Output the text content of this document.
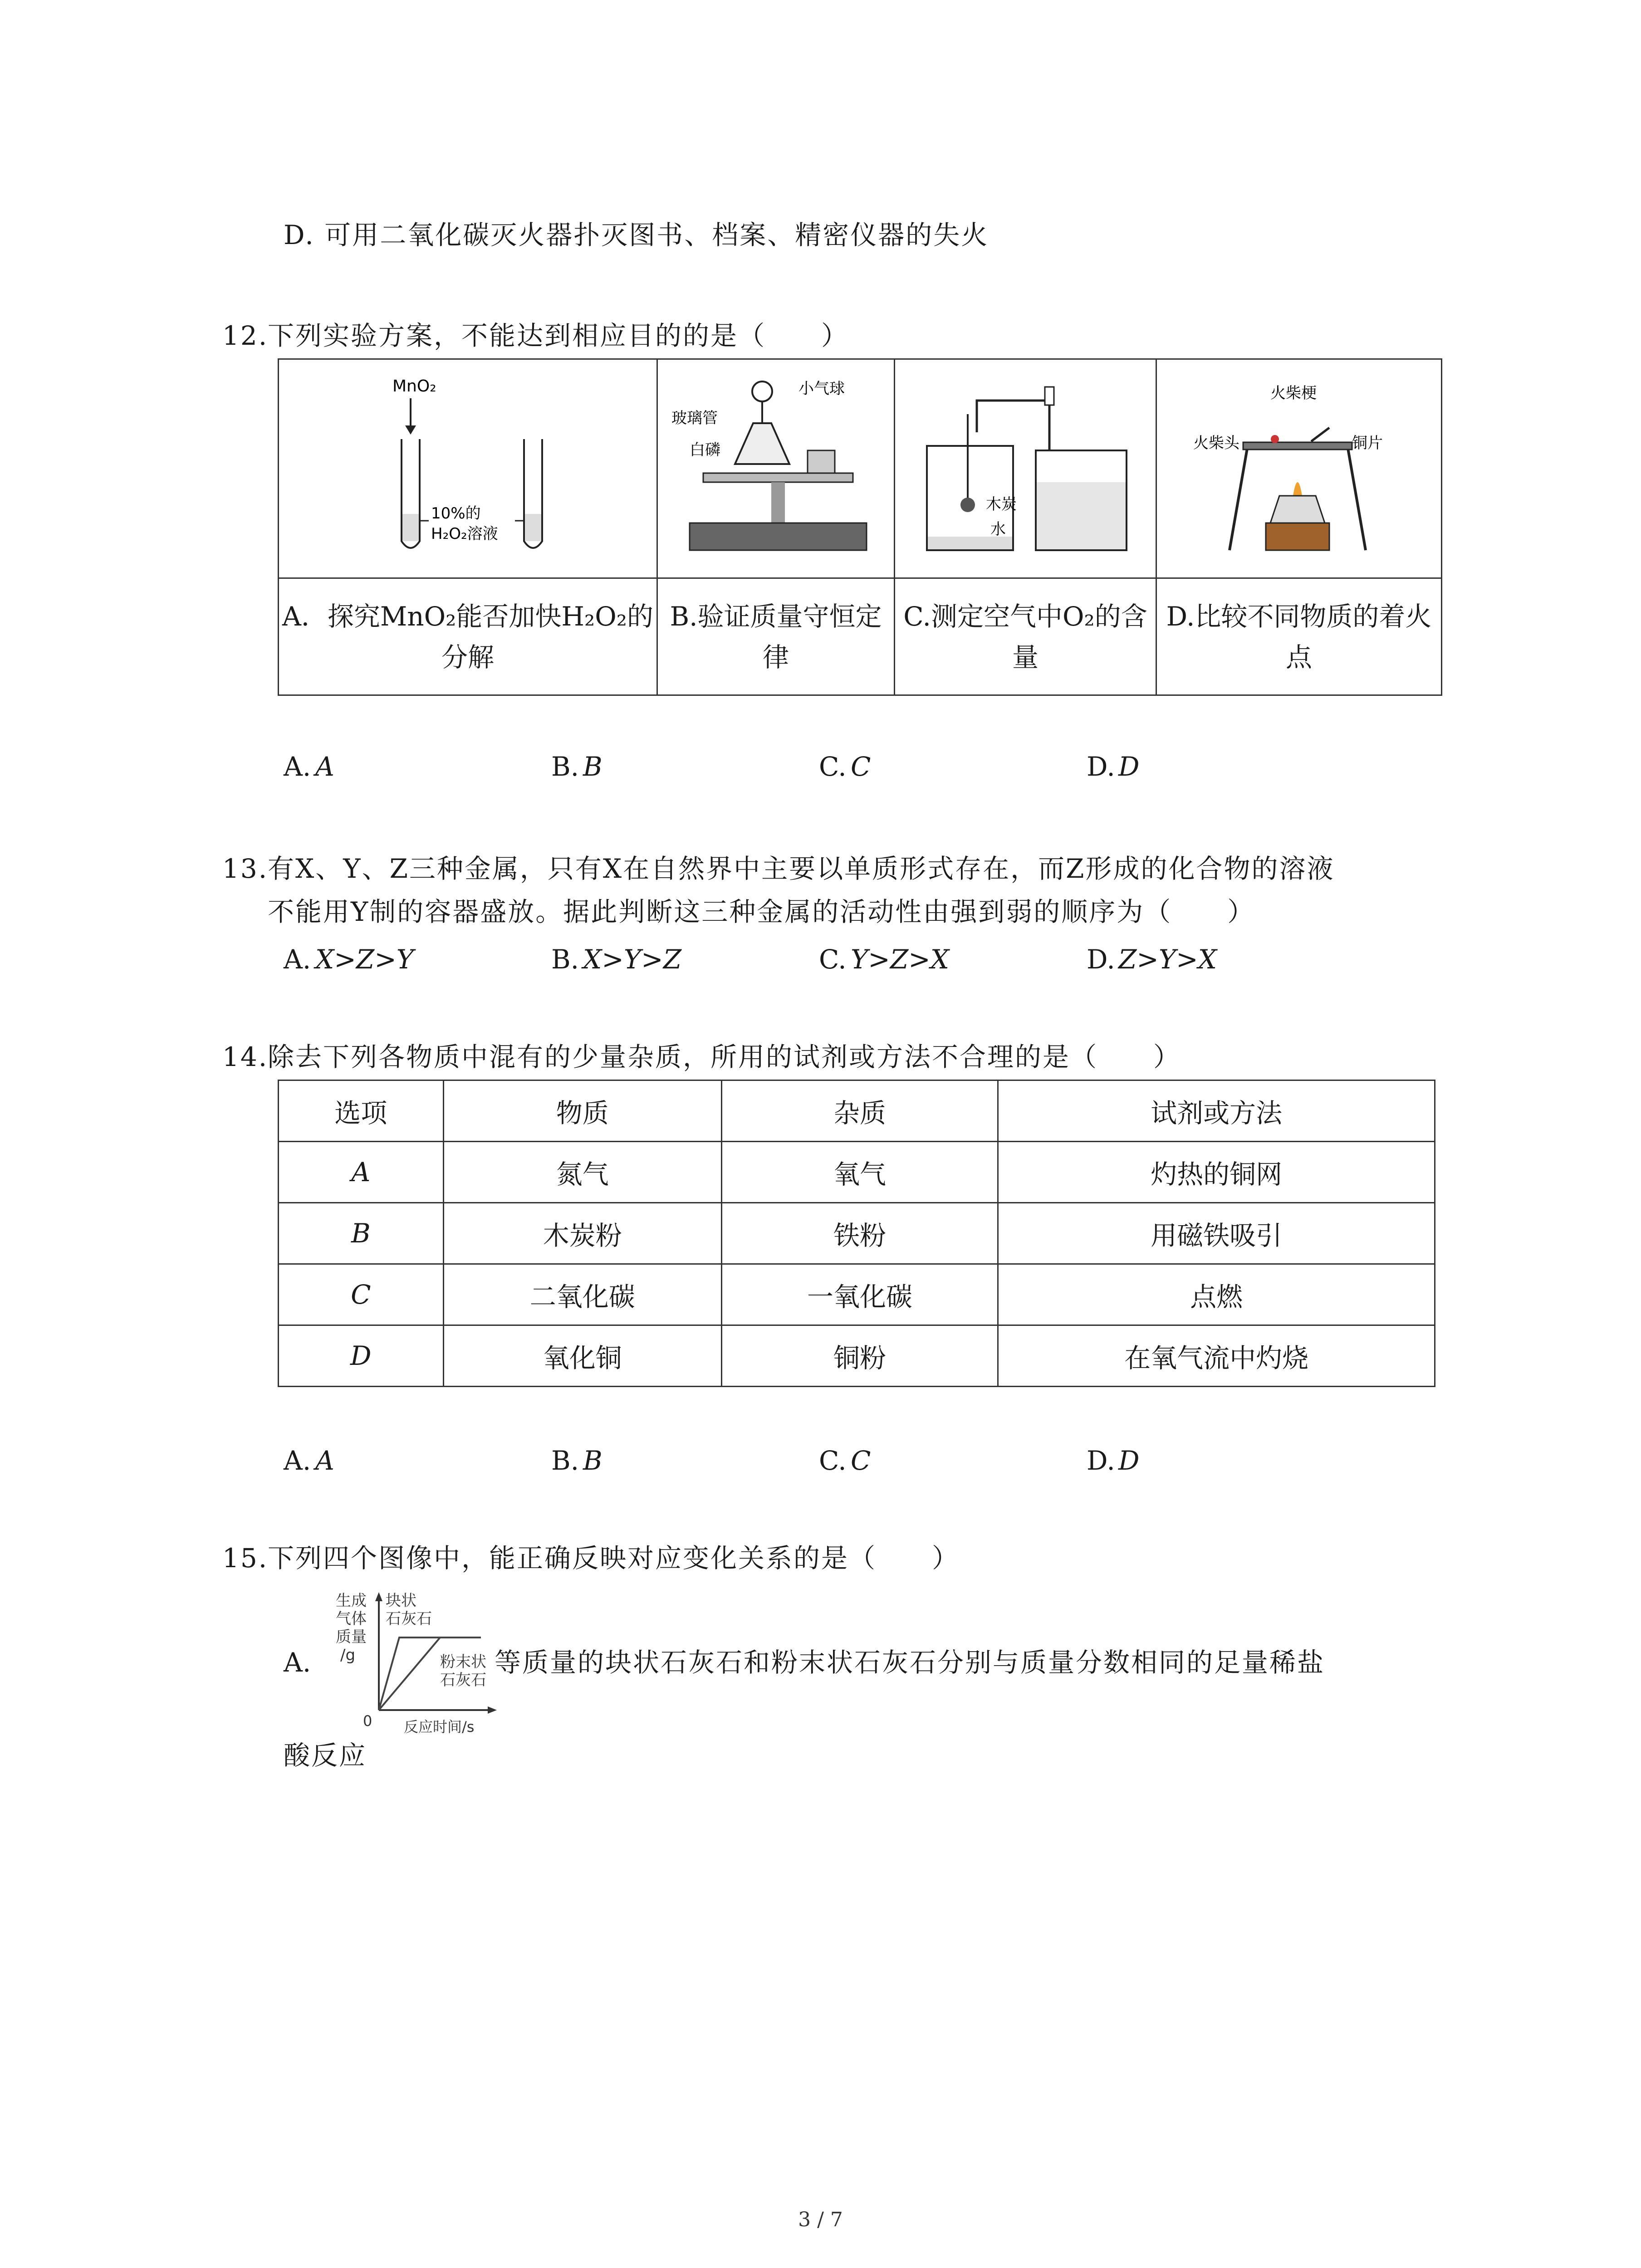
D. 可用二氧化碳灭火器扑灭图书、档案、精密仪器的失火
12.下列实验方案，不能达到相应目的的是（　　）
MnO₂
10%的
H₂O₂溶液	小气球
玻璃管
白磷	木炭
水	火柴梗
火柴头 铜片

A．探究MnO₂能否加快H₂O₂的分解	B.验证质量守恒定律	C.测定空气中O₂的含量	D.比较不同物质的着火点
A. A	B. B	C. C	D. D
13.有X、Y、Z三种金属，只有X在自然界中主要以单质形式存在，而Z形成的化合物的溶液
不能用Y制的容器盛放。据此判断这三种金属的活动性由强到弱的顺序为（　　）
A. X>Z>Y	B. X>Y>Z	C. Y>Z>X	D. Z>Y>X
14.除去下列各物质中混有的少量杂质，所用的试剂或方法不合理的是（　　）
选项	物质	杂质	试剂或方法
A	氮气	氧气	灼热的铜网
B	木炭粉	铁粉	用磁铁吸引
C	二氧化碳	一氧化碳	点燃
D	氧化铜	铜粉	在氧气流中灼烧
A. A	B. B	C. C	D. D
15.下列四个图像中，能正确反映对应变化关系的是（　　）
A.
生成
气体
质量
/g
0 反应时间/s
块状
石灰石
粉末状
石灰石
等质量的块状石灰石和粉末状石灰石分别与质量分数相同的足量稀盐
酸反应
3 / 7
